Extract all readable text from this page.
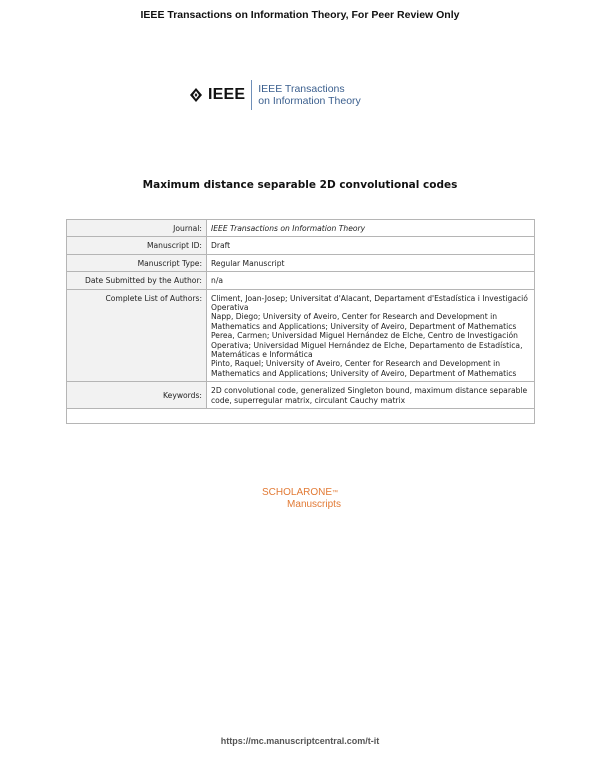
IEEE Transactions on Information Theory, For Peer Review Only
IEEE IEEE Transactions
on Information Theory
Maximum distance separable 2D convolutional codes
Journal:	IEEE Transactions on Information Theory
Manuscript ID:	Draft
Manuscript Type:	Regular Manuscript
Date Submitted by the Author:	n/a
Complete List of Authors:	Climent, Joan-Josep; Universitat d'Alacant, Departament d'Estadística i Investigació Operativa
Napp, Diego; University of Aveiro, Center for Research and Development in Mathematics and Applications; University of Aveiro, Department of Mathematics
Perea, Carmen; Universidad Miguel Hernández de Elche, Centro de Investigación Operativa; Universidad Miguel Hernández de Elche, Departamento de Estadística, Matemáticas e Informática
Pinto, Raquel; University of Aveiro, Center for Research and Development in Mathematics and Applications; University of Aveiro, Department of Mathematics

Keywords:	2D convolutional code, generalized Singleton bound, maximum distance separable code, superregular matrix, circulant Cauchy matrix

SCHOLARONE™
Manuscripts
https://mc.manuscriptcentral.com/t-it
